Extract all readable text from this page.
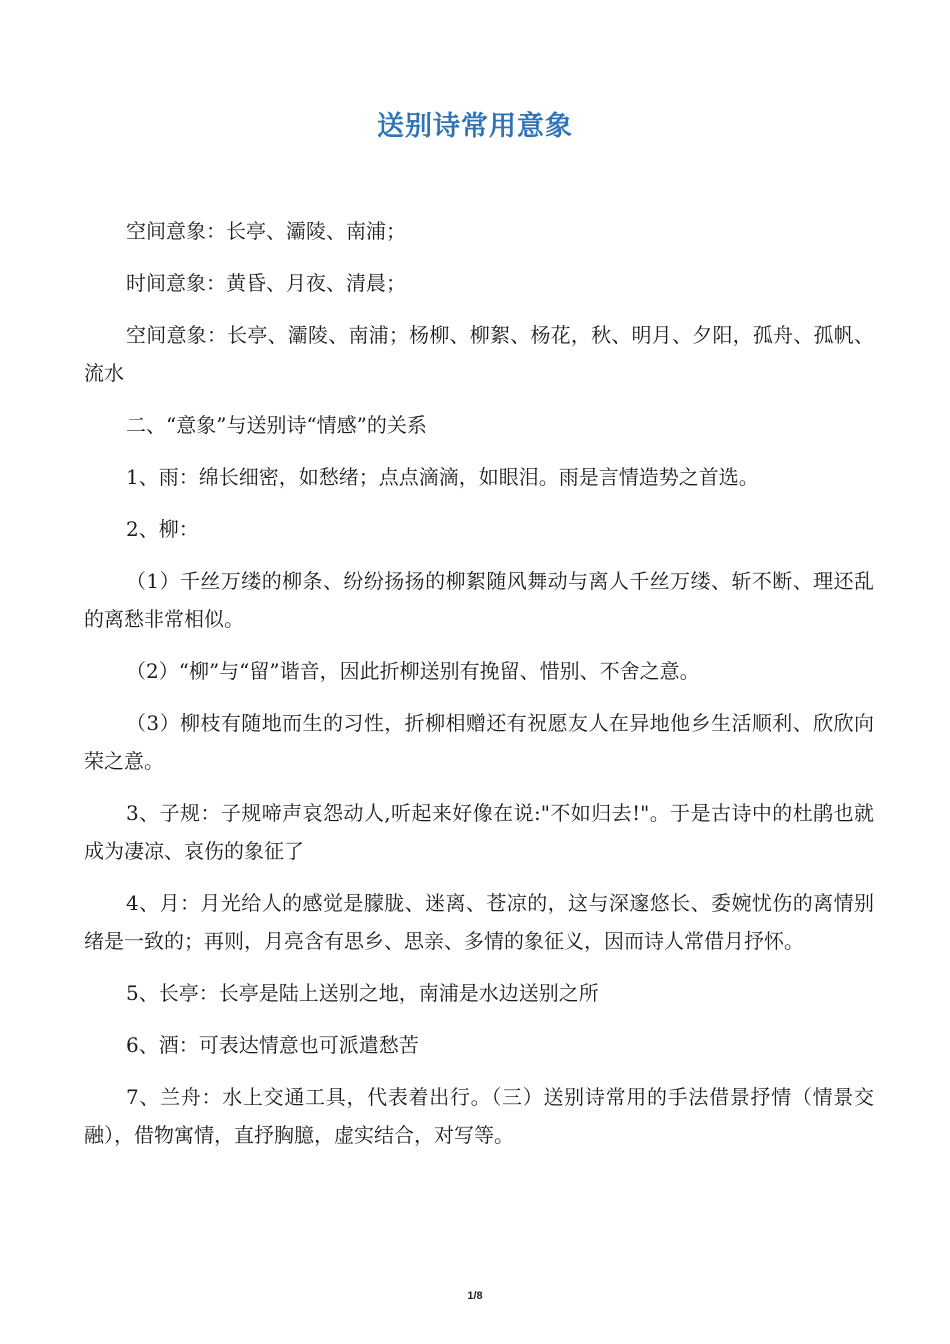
送别诗常用意象

空间意象：长亭、灞陵、南浦；

时间意象：黄昏、月夜、清晨；

空间意象：长亭、灞陵、南浦；杨柳、柳絮、杨花，秋、明月、夕阳，孤舟、孤帆、流水

二、“意象”与送别诗“情感”的关系

1、雨：绵长细密，如愁绪；点点滴滴，如眼泪。雨是言情造势之首选。

2、柳：

（1）千丝万缕的柳条、纷纷扬扬的柳絮随风舞动与离人千丝万缕、斩不断、理还乱的离愁非常相似。

（2）“柳”与“留”谐音，因此折柳送别有挽留、惜别、不舍之意。

（3）柳枝有随地而生的习性，折柳相赠还有祝愿友人在异地他乡生活顺利、欣欣向荣之意。

3、子规：子规啼声哀怨动人,听起来好像在说:"不如归去!"。于是古诗中的杜鹃也就成为凄凉、哀伤的象征了

4、月：月光给人的感觉是朦胧、迷离、苍凉的，这与深邃悠长、委婉忧伤的离情别绪是一致的；再则，月亮含有思乡、思亲、多情的象征义，因而诗人常借月抒怀。

5、长亭：长亭是陆上送别之地，南浦是水边送别之所

6、酒：可表达情意也可派遣愁苦

7、兰舟：水上交通工具，代表着出行。（三）送别诗常用的手法借景抒情（情景交融），借物寓情，直抒胸臆，虚实结合，对写等。

1/8
